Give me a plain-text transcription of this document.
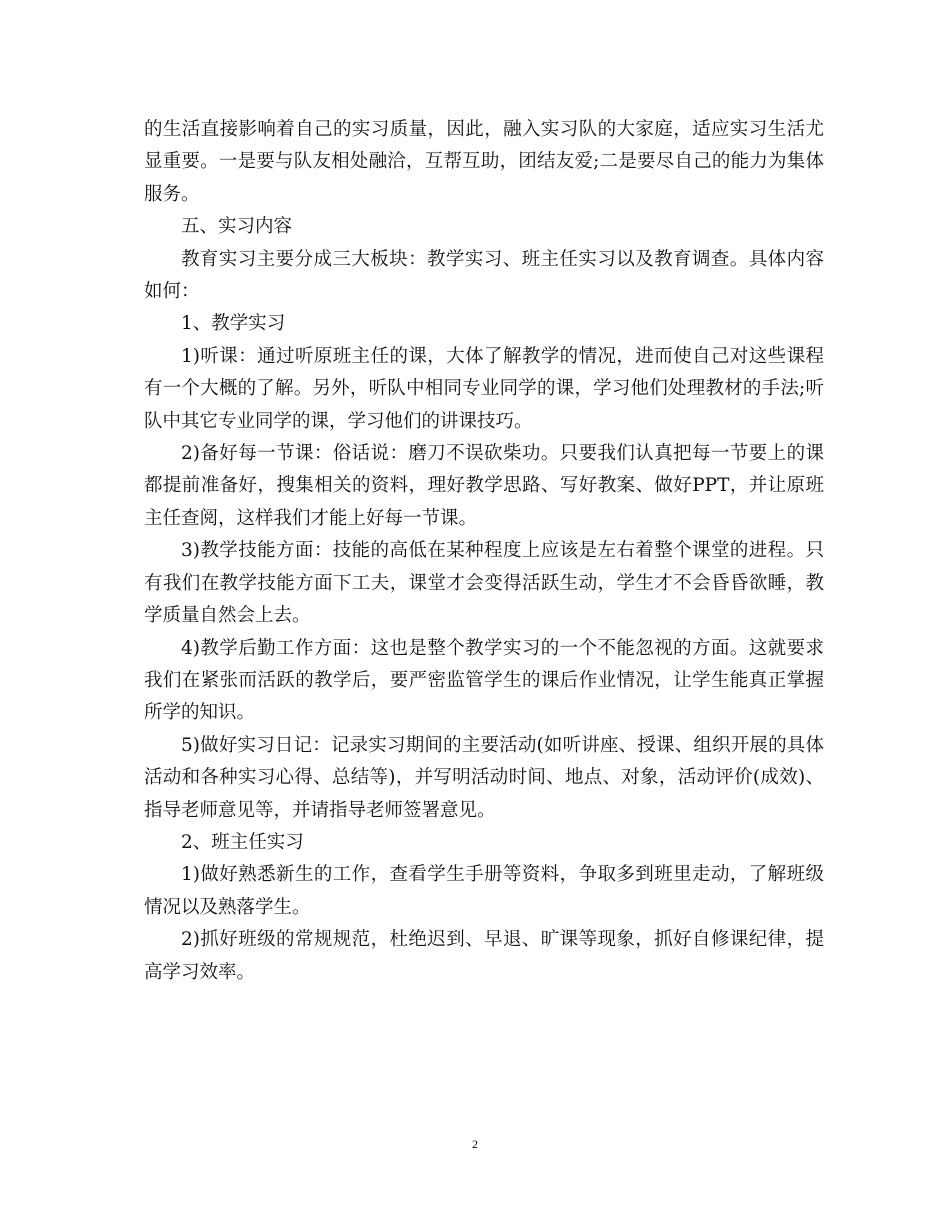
的生活直接影响着自己的实习质量，因此，融入实习队的大家庭，适应实习生活尤显重要。一是要与队友相处融洽，互帮互助，团结友爱;二是要尽自己的能力为集体服务。

五、实习内容

教育实习主要分成三大板块：教学实习、班主任实习以及教育调查。具体内容如何：

1、教学实习

1)听课：通过听原班主任的课，大体了解教学的情况，进而使自己对这些课程有一个大概的了解。另外，听队中相同专业同学的课，学习他们处理教材的手法;听队中其它专业同学的课，学习他们的讲课技巧。

2)备好每一节课：俗话说：磨刀不误砍柴功。只要我们认真把每一节要上的课都提前准备好，搜集相关的资料，理好教学思路、写好教案、做好PPT，并让原班主任查阅，这样我们才能上好每一节课。

3)教学技能方面：技能的高低在某种程度上应该是左右着整个课堂的进程。只有我们在教学技能方面下工夫，课堂才会变得活跃生动，学生才不会昏昏欲睡，教学质量自然会上去。

4)教学后勤工作方面：这也是整个教学实习的一个不能忽视的方面。这就要求我们在紧张而活跃的教学后，要严密监管学生的课后作业情况，让学生能真正掌握所学的知识。

5)做好实习日记：记录实习期间的主要活动(如听讲座、授课、组织开展的具体活动和各种实习心得、总结等)，并写明活动时间、地点、对象，活动评价(成效)、指导老师意见等，并请指导老师签署意见。

2、班主任实习

1)做好熟悉新生的工作，查看学生手册等资料，争取多到班里走动，了解班级情况以及熟落学生。

2)抓好班级的常规规范，杜绝迟到、早退、旷课等现象，抓好自修课纪律，提高学习效率。

2
